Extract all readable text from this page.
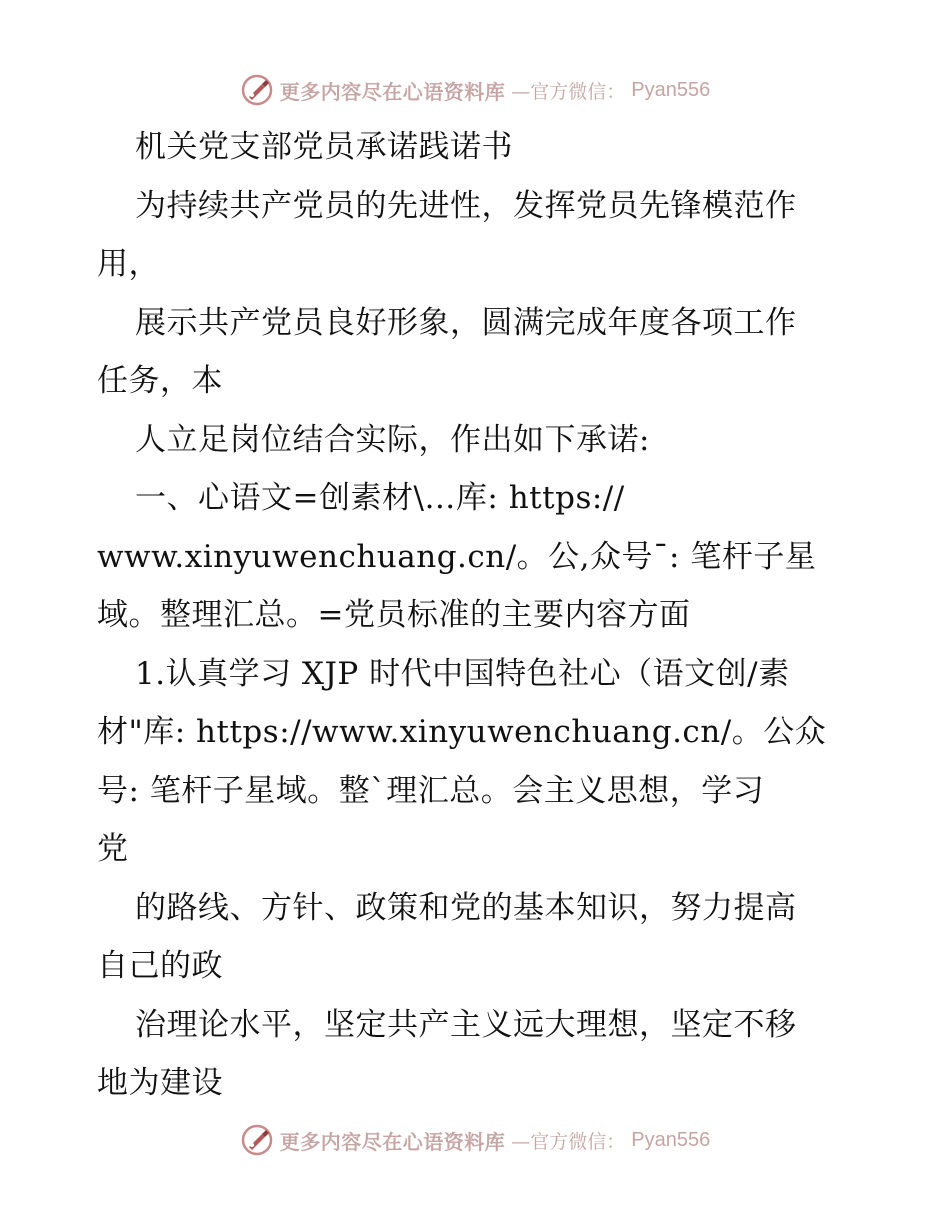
更多内容尽在心语资料库 —官方微信： Pyan556
机关党支部党员承诺践诺书
为持续共产党员的先进性，发挥党员先锋模范作
用，
展示共产党员良好形象，圆满完成年度各项工作
任务，本
人立足岗位结合实际，作出如下承诺:
一、心语文=创素材\…库: https://
www.xinyuwenchuang.cn/。公,众号¯: 笔杆子星
域。整理汇总。=党员标准的主要内容方面
1.认真学习 XJP 时代中国特色社心（语文创/素
材"库: https://www.xinyuwenchuang.cn/。公众
号: 笔杆子星域。整`理汇总。会主义思想，学习
党
的路线、方针、政策和党的基本知识，努力提高
自己的政
治理论水平，坚定共产主义远大理想，坚定不移
地为建设
更多内容尽在心语资料库 —官方微信： Pyan556
